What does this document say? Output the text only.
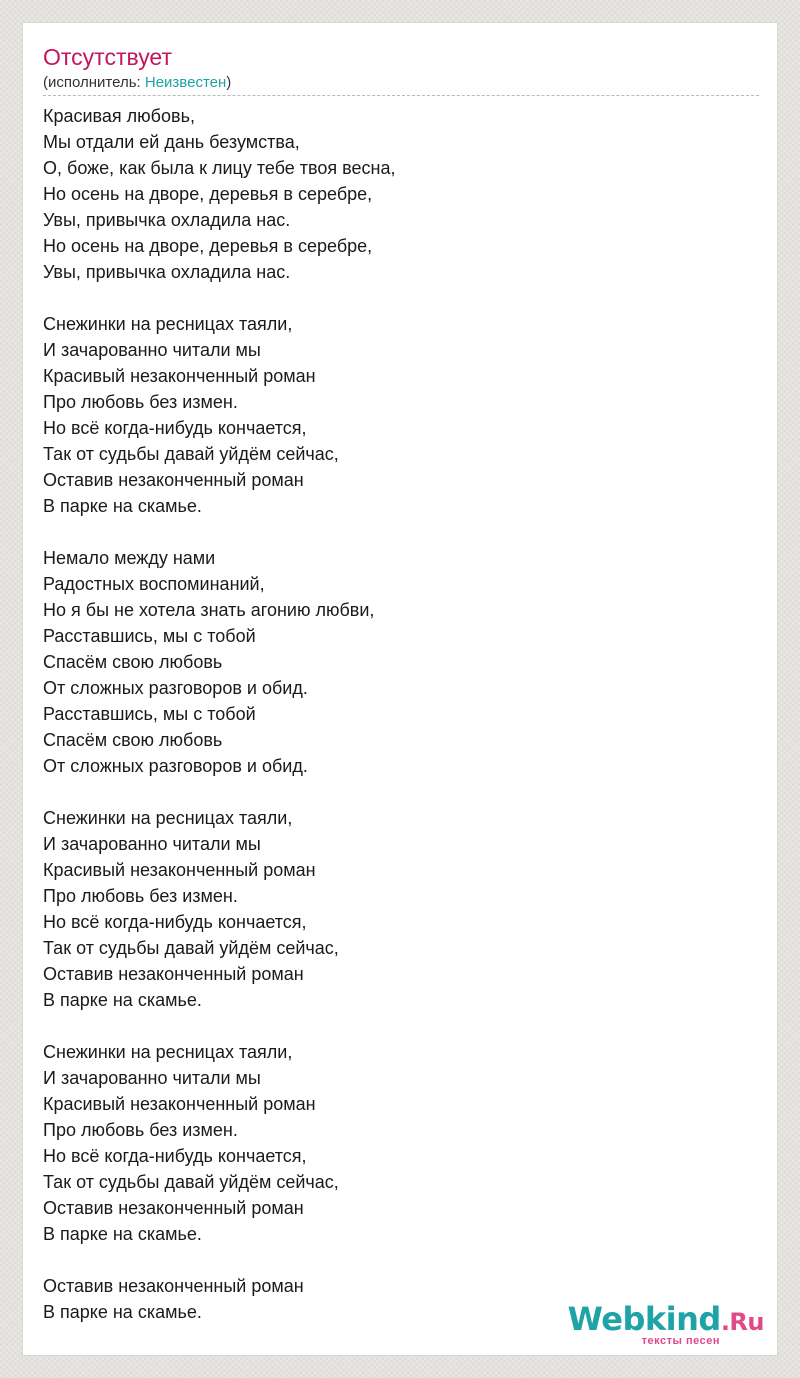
Отсутствует
(исполнитель: Неизвестен)
Красивая любовь,
Мы отдали ей дань безумства,
О, боже, как была к лицу тебе твоя весна,
Но осень на дворе, деревья в серебре,
Увы, привычка охладила нас.
Но осень на дворе, деревья в серебре,
Увы, привычка охладила нас.
Снежинки на ресницах таяли,
И зачарованно читали мы
Красивый незаконченный роман
Про любовь без измен.
Но всё когда-нибудь кончается,
Так от судьбы давай уйдём сейчас,
Оставив незаконченный роман
В парке на скамье.
Немало между нами
Радостных воспоминаний,
Но я бы не хотела знать агонию любви,
Расставшись, мы с тобой
Спасём свою любовь
От сложных разговоров и обид.
Расставшись, мы с тобой
Спасём свою любовь
От сложных разговоров и обид.
Снежинки на ресницах таяли,
И зачарованно читали мы
Красивый незаконченный роман
Про любовь без измен.
Но всё когда-нибудь кончается,
Так от судьбы давай уйдём сейчас,
Оставив незаконченный роман
В парке на скамье.
Снежинки на ресницах таяли,
И зачарованно читали мы
Красивый незаконченный роман
Про любовь без измен.
Но всё когда-нибудь кончается,
Так от судьбы давай уйдём сейчас,
Оставив незаконченный роман
В парке на скамье.
Оставив незаконченный роман
В парке на скамье.	Webkind.Ru
тексты песен
